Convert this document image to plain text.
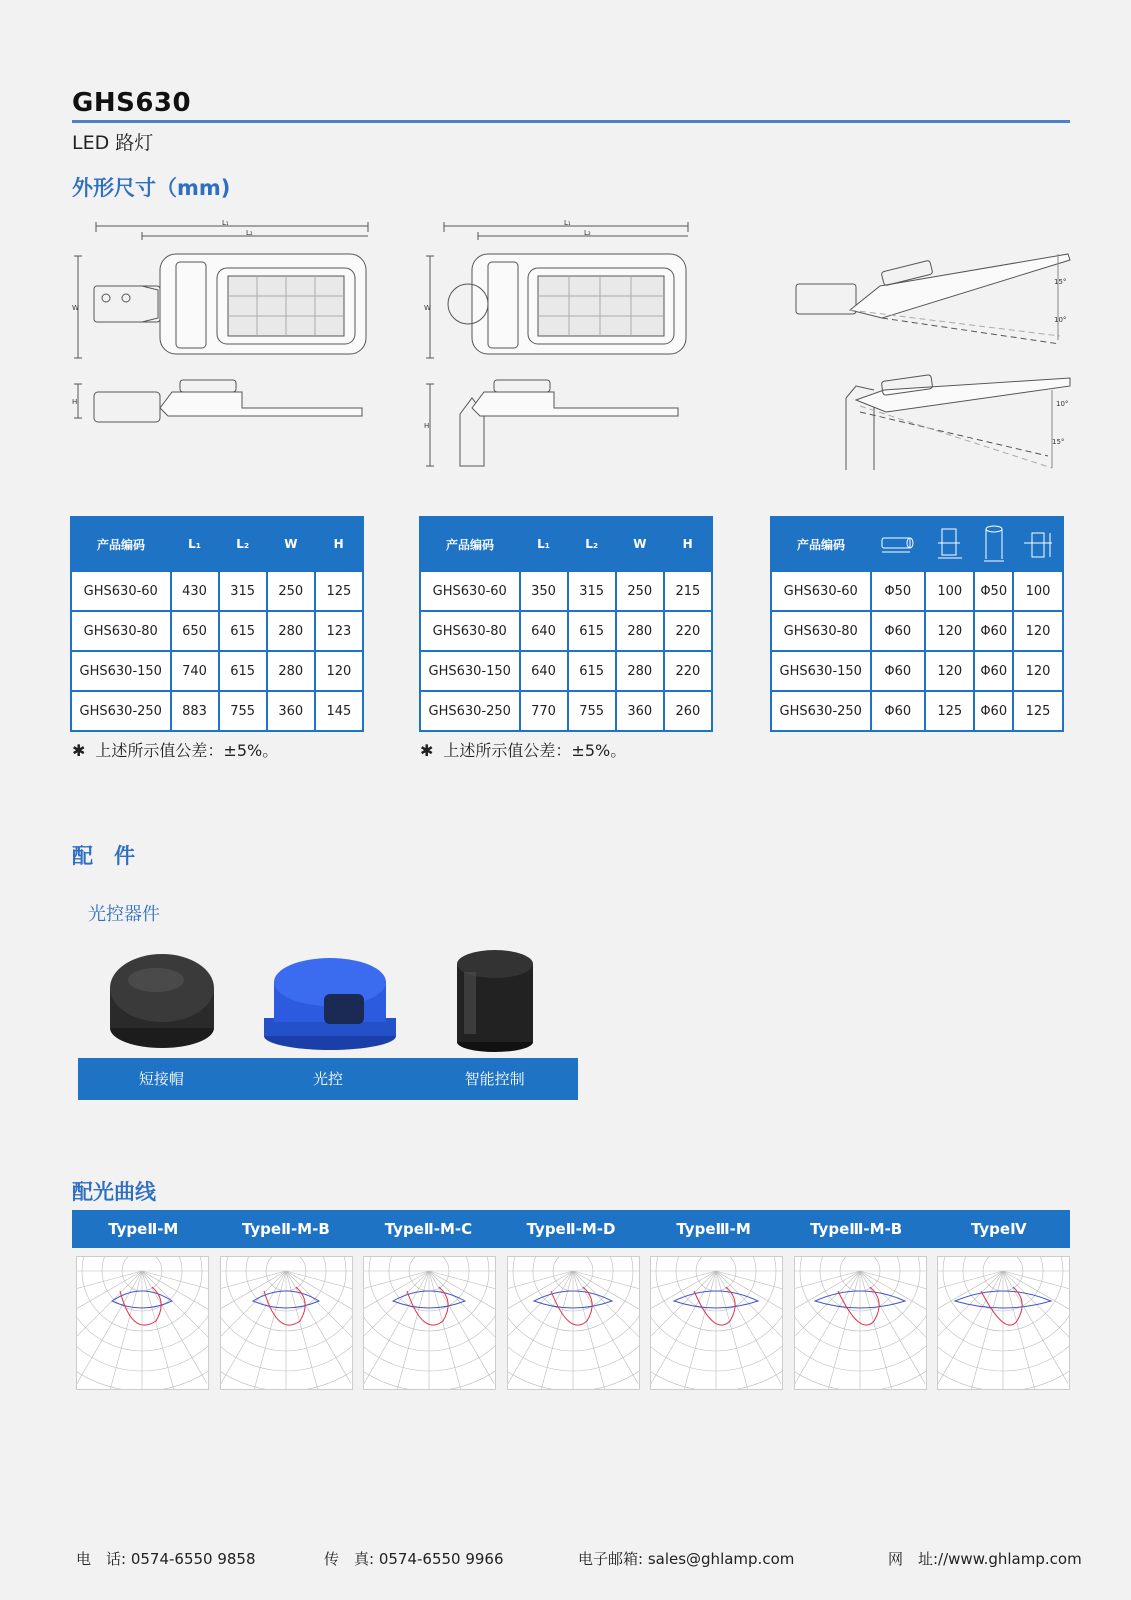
GHS630
LED 路灯
外形尺寸（mm)
L₁
L₂
W
H
L₁
L₂
W
H
15°
10°
10°
15°
产品编码	L₁	L₂	W	H
GHS630-60	430	315	250	125
GHS630-80	650	615	280	123
GHS630-150	740	615	280	120
GHS630-250	883	755	360	145
✱ 上述所示值公差：±5%。
产品编码	L₁	L₂	W	H
GHS630-60	350	315	250	215
GHS630-80	640	615	280	220
GHS630-150	640	615	280	220
GHS630-250	770	755	360	260
✱ 上述所示值公差：±5%。
产品编码				
GHS630-60	Φ50	100	Φ50	100
GHS630-80	Φ60	120	Φ60	120
GHS630-150	Φ60	120	Φ60	120
GHS630-250	Φ60	125	Φ60	125
配　件
光控器件
短接帽	光控	智能控制
配光曲线
TypeⅡ-M	TypeⅡ-M-B	TypeⅡ-M-C	TypeⅡ-M-D	TypeⅢ-M	TypeⅢ-M-B	TypeⅣ
电　话: 0574-6550 9858	传　真: 0574-6550 9966	电子邮箱: sales@ghlamp.com	网　址://www.ghlamp.com
